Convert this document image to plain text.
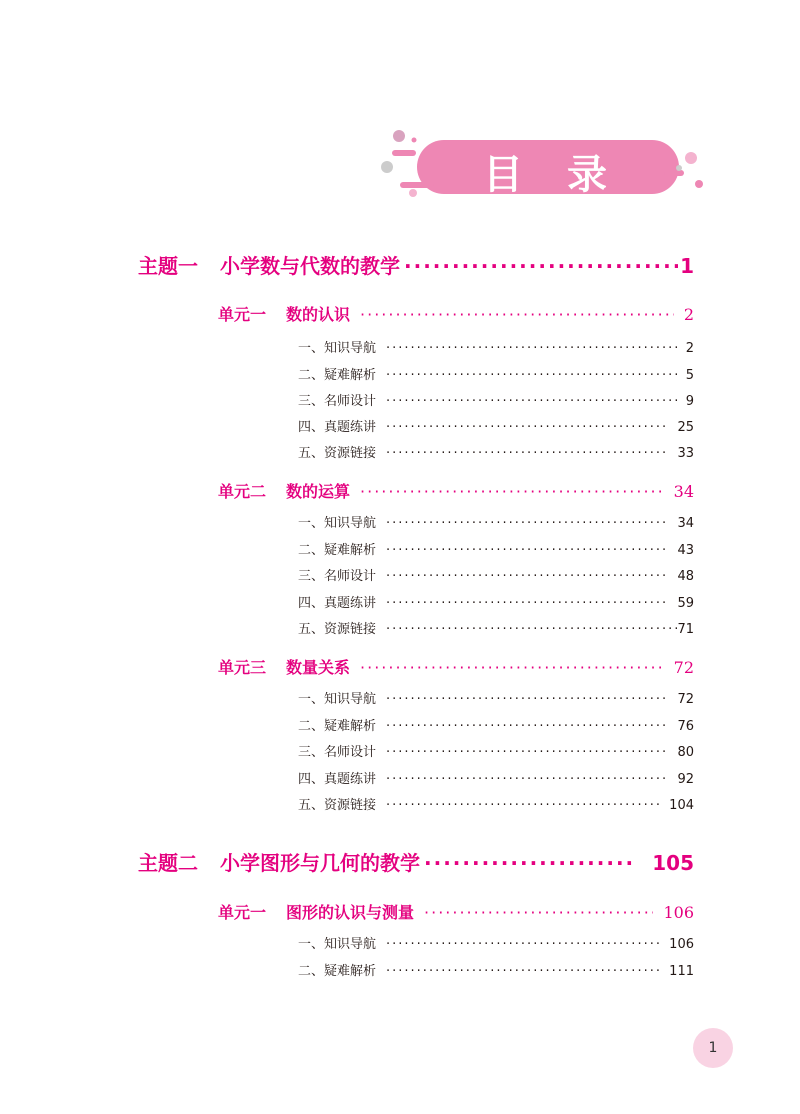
目录
主题一 小学数与代数的教学 ·····	1
单元一 数的认识 ·····	2
一、知识导航 ·····	2
二、疑难解析 ·····	5
三、名师设计 ·····	9
四、真题练讲 ·····	25
五、资源链接 ·····	33
单元二 数的运算 ·····	34
一、知识导航 ·····	34
二、疑难解析 ·····	43
三、名师设计 ·····	48
四、真题练讲 ·····	59
五、资源链接 ·····	71
单元三 数量关系 ·····	72
一、知识导航 ·····	72
二、疑难解析 ·····	76
三、名师设计 ·····	80
四、真题练讲 ·····	92
五、资源链接 ·····	104
主题二 小学图形与几何的教学 ·····	105
单元一 图形的认识与测量 ·····	106
一、知识导航 ·····	106
二、疑难解析 ·····	111
1
